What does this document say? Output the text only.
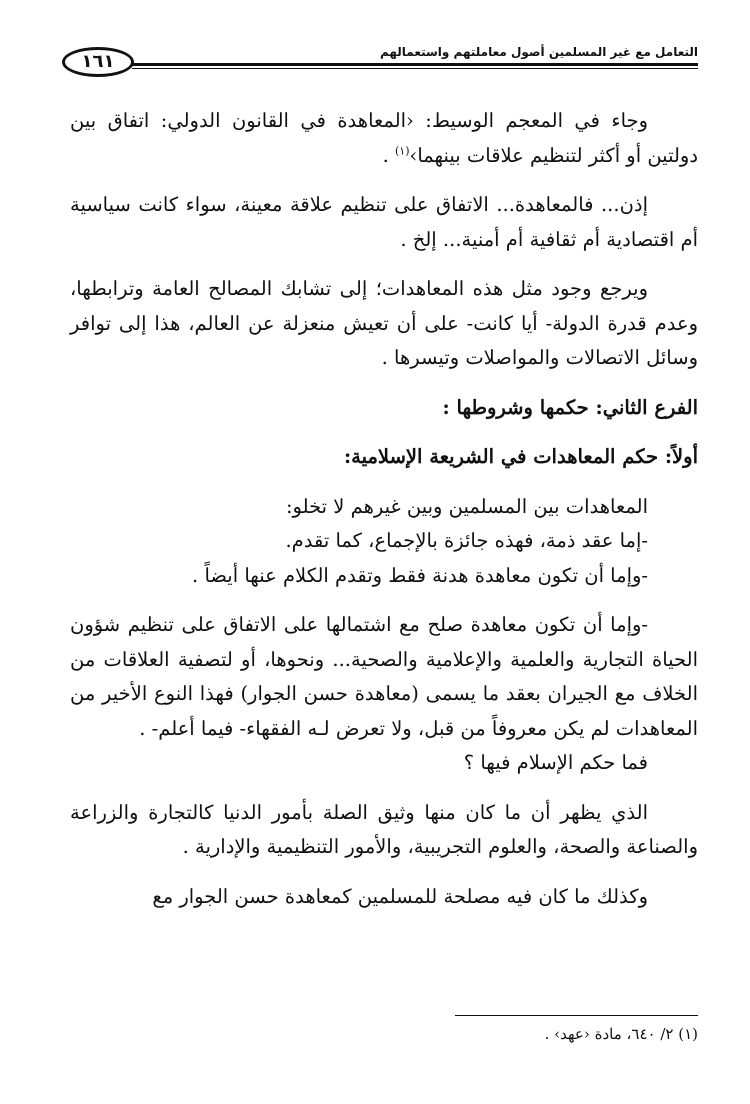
١٦١	التعامل مع غير المسلمين أصول معاملتهم واستعمالهم

وجاء في المعجم الوسيط: ‹المعاهدة في القانون الدولي: اتفاق بين دولتين أو أكثر لتنظيم علاقات بينهما›$^{(١)}$ .

إذن... فالمعاهدة... الاتفاق على تنظيم علاقة معينة، سواء كانت سياسية أم اقتصادية أم ثقافية أم أمنية... إلخ .

ويرجع وجود مثل هذه المعاهدات؛ إلى تشابك المصالح العامة وترابطها، وعدم قدرة الدولة- أيا كانت- على أن تعيش منعزلة عن العالم، هذا إلى توافر وسائل الاتصالات والمواصلات وتيسرها .

الفرع الثاني: حكمها وشروطها :

أولاً: حكم المعاهدات في الشريعة الإسلامية:

المعاهدات بين المسلمين وبين غيرهم لا تخلو:

-إما عقد ذمة، فهذه جائزة بالإجماع، كما تقدم.

-وإما أن تكون معاهدة هدنة فقط وتقدم الكلام عنها أيضاً .

-وإما أن تكون معاهدة صلح مع اشتمالها على الاتفاق على تنظيم شؤون الحياة التجارية والعلمية والإعلامية والصحية... ونحوها، أو لتصفية العلاقات من الخلاف مع الجيران بعقد ما يسمى (معاهدة حسن الجوار) فهذا النوع الأخير من المعاهدات لم يكن معروفاً من قبل، ولا تعرض لـه الفقهاء- فيما أعلم- .

فما حكم الإسلام فيها ؟

الذي يظهر أن ما كان منها وثيق الصلة بأمور الدنيا كالتجارة والزراعة والصناعة والصحة، والعلوم التجريبية، والأمور التنظيمية والإدارية .

وكذلك ما كان فيه مصلحة للمسلمين كمعاهدة حسن الجوار مع

(١) ٢/ ٦٤٠، مادة ‹عهد› .
